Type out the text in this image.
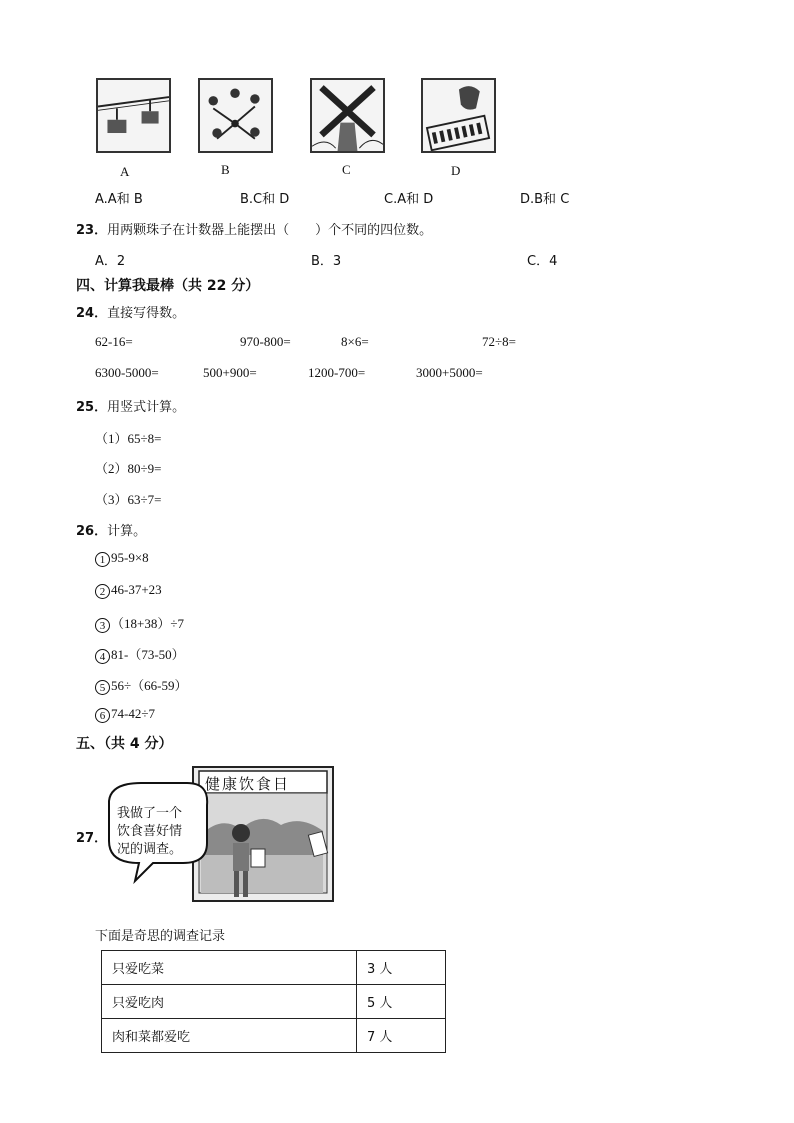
A	B	C	D
A.A和 B	B.C和 D	C.A和 D	D.B和 C
23．用两颗珠子在计数器上能摆出（　　）个不同的四位数。
A．2	B．3	C．4
四、计算我最棒（共 22 分）
24．直接写得数。
62-16=	970-800=	8×6=	72÷8=
6300-5000=	500+900=	1200-700=	3000+5000=
25．用竖式计算。
（1）65÷8=
（2）80÷9=
（3）63÷7=
26．计算。
1 95-9×8
2 46-37+23
3 （18+38）÷7
4 81-（73-50）
5 56÷（66-59）
6 74-42÷7
五、（共 4 分）
27．
健康饮食日
我做了一个
饮食喜好情
况的调查。
下面是奇思的调查记录
只爱吃菜	3 人
只爱吃肉	5 人
肉和菜都爱吃	7 人
